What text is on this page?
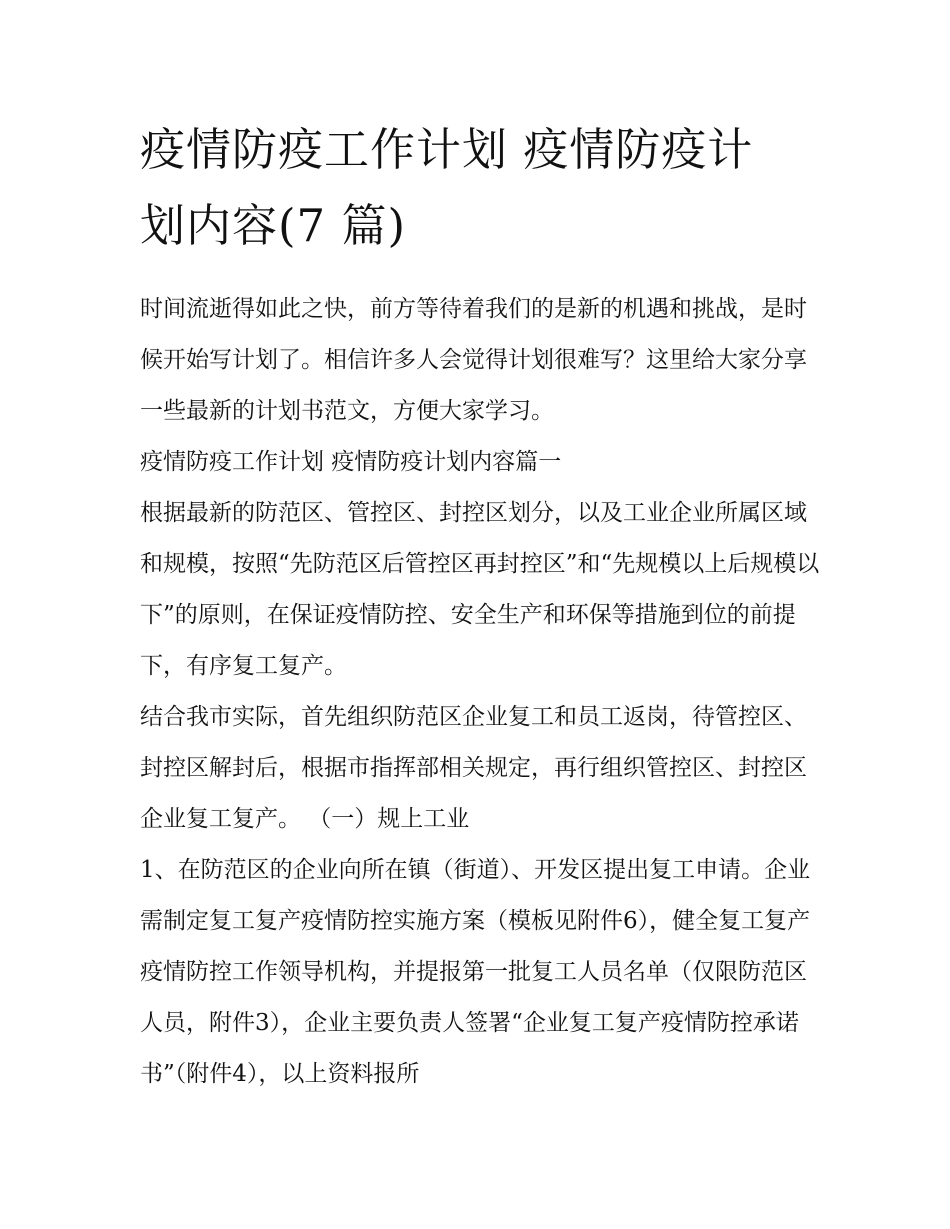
疫情防疫工作计划 疫情防疫计
划内容(7 篇)

时间流逝得如此之快，前方等待着我们的是新的机遇和挑战，是时候开始写计划了。相信许多人会觉得计划很难写？这里给大家分享一些最新的计划书范文，方便大家学习。

疫情防疫工作计划 疫情防疫计划内容篇一

根据最新的防范区、管控区、封控区划分，以及工业企业所属区域和规模，按照“先防范区后管控区再封控区”和“先规模以上后规模以下”的原则，在保证疫情防控、安全生产和环保等措施到位的前提下，有序复工复产。

结合我市实际，首先组织防范区企业复工和员工返岗，待管控区、封控区解封后，根据市指挥部相关规定，再行组织管控区、封控区企业复工复产。 （一）规上工业

1、在防范区的企业向所在镇（街道）、开发区提出复工申请。企业需制定复工复产疫情防控实施方案（模板见附件6），健全复工复产疫情防控工作领导机构，并提报第一批复工人员名单（仅限防范区人员，附件3），企业主要负责人签署“企业复工复产疫情防控承诺书”（附件4），以上资料报所
